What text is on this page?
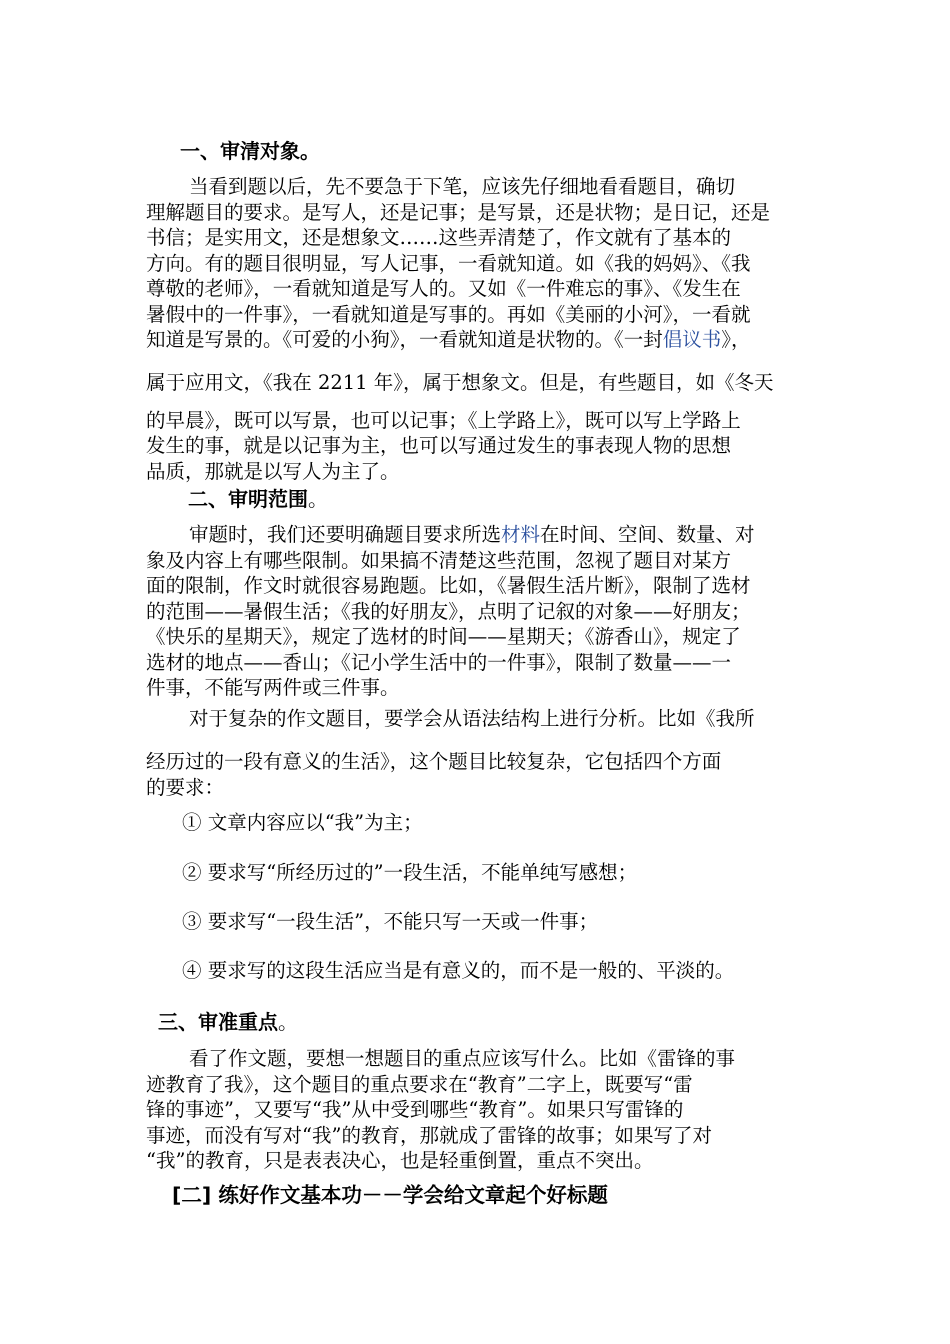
一、审清对象。
当看到题以后，先不要急于下笔，应该先仔细地看看题目，确切
理解题目的要求。是写人，还是记事；是写景，还是状物；是日记，还是
书信；是实用文，还是想象文……这些弄清楚了，作文就有了基本的
方向。有的题目很明显，写人记事，一看就知道。如《我的妈妈》、《我
尊敬的老师》，一看就知道是写人的。又如《一件难忘的事》、《发生在
暑假中的一件事》，一看就知道是写事的。再如《美丽的小河》，一看就
知道是写景的。《可爱的小狗》，一看就知道是状物的。《一封倡议书》，
属于应用文，《我在 2211 年》，属于想象文。但是，有些题目，如《冬天
的早晨》，既可以写景，也可以记事；《上学路上》，既可以写上学路上
发生的事，就是以记事为主，也可以写通过发生的事表现人物的思想
品质，那就是以写人为主了。
二、审明范围。
审题时，我们还要明确题目要求所选材料在时间、空间、数量、对
象及内容上有哪些限制。如果搞不清楚这些范围，忽视了题目对某方
面的限制，作文时就很容易跑题。比如，《暑假生活片断》，限制了选材
的范围——暑假生活；《我的好朋友》，点明了记叙的对象——好朋友；
《快乐的星期天》，规定了选材的时间——星期天；《游香山》，规定了
选材的地点——香山；《记小学生活中的一件事》，限制了数量——一
件事，不能写两件或三件事。
对于复杂的作文题目，要学会从语法结构上进行分析。比如《我所
经历过的一段有意义的生活》，这个题目比较复杂，它包括四个方面
的要求：
① 文章内容应以“我”为主；
② 要求写“所经历过的”一段生活，不能单纯写感想；
③ 要求写“一段生活”，不能只写一天或一件事；
④ 要求写的这段生活应当是有意义的，而不是一般的、平淡的。
三、审准重点。
看了作文题，要想一想题目的重点应该写什么。比如《雷锋的事
迹教育了我》，这个题目的重点要求在“教育”二字上，既要写“雷
锋的事迹”，又要写“我”从中受到哪些“教育”。如果只写雷锋的
事迹，而没有写对“我”的教育，那就成了雷锋的故事；如果写了对
“我”的教育，只是表表决心，也是轻重倒置，重点不突出。
[二] 练好作文基本功－－学会给文章起个好标题
